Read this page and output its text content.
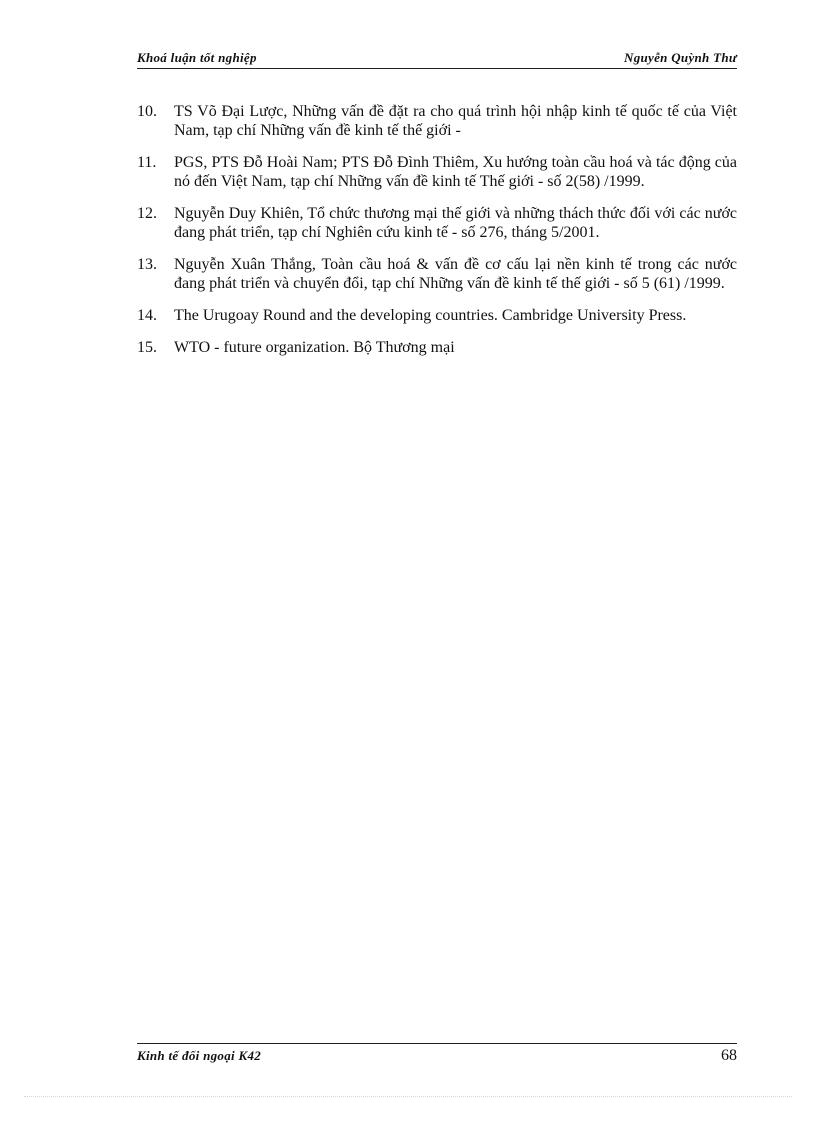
Khoá luận tốt nghiệp	Nguyễn Quỳnh Thư
10. TS Võ Đại Lược, Những vấn đề đặt ra cho quá trình hội nhập kinh tế quốc tế của Việt Nam, tạp chí Những vấn đề kinh tế thế giới -
11. PGS, PTS Đỗ Hoài Nam; PTS Đỗ Đình Thiêm, Xu hướng toàn cầu hoá và tác động của nó đến Việt Nam, tạp chí Những vấn đề kinh tế Thế giới - số 2(58) /1999.
12. Nguyễn Duy Khiên, Tổ chức thương mại thế giới và những thách thức đối với các nước đang phát triển, tạp chí Nghiên cứu kinh tế - số 276, tháng 5/2001.
13. Nguyễn Xuân Thắng, Toàn cầu hoá & vấn đề cơ cấu lại nền kinh tế trong các nước đang phát triển và chuyển đổi, tạp chí Những vấn đề kinh tế thế giới - số 5 (61) /1999.
14. The Urugoay Round and the developing countries. Cambridge University Press.
15. WTO - future organization. Bộ Thương mại
Kinh tế đối ngoại K42	68
